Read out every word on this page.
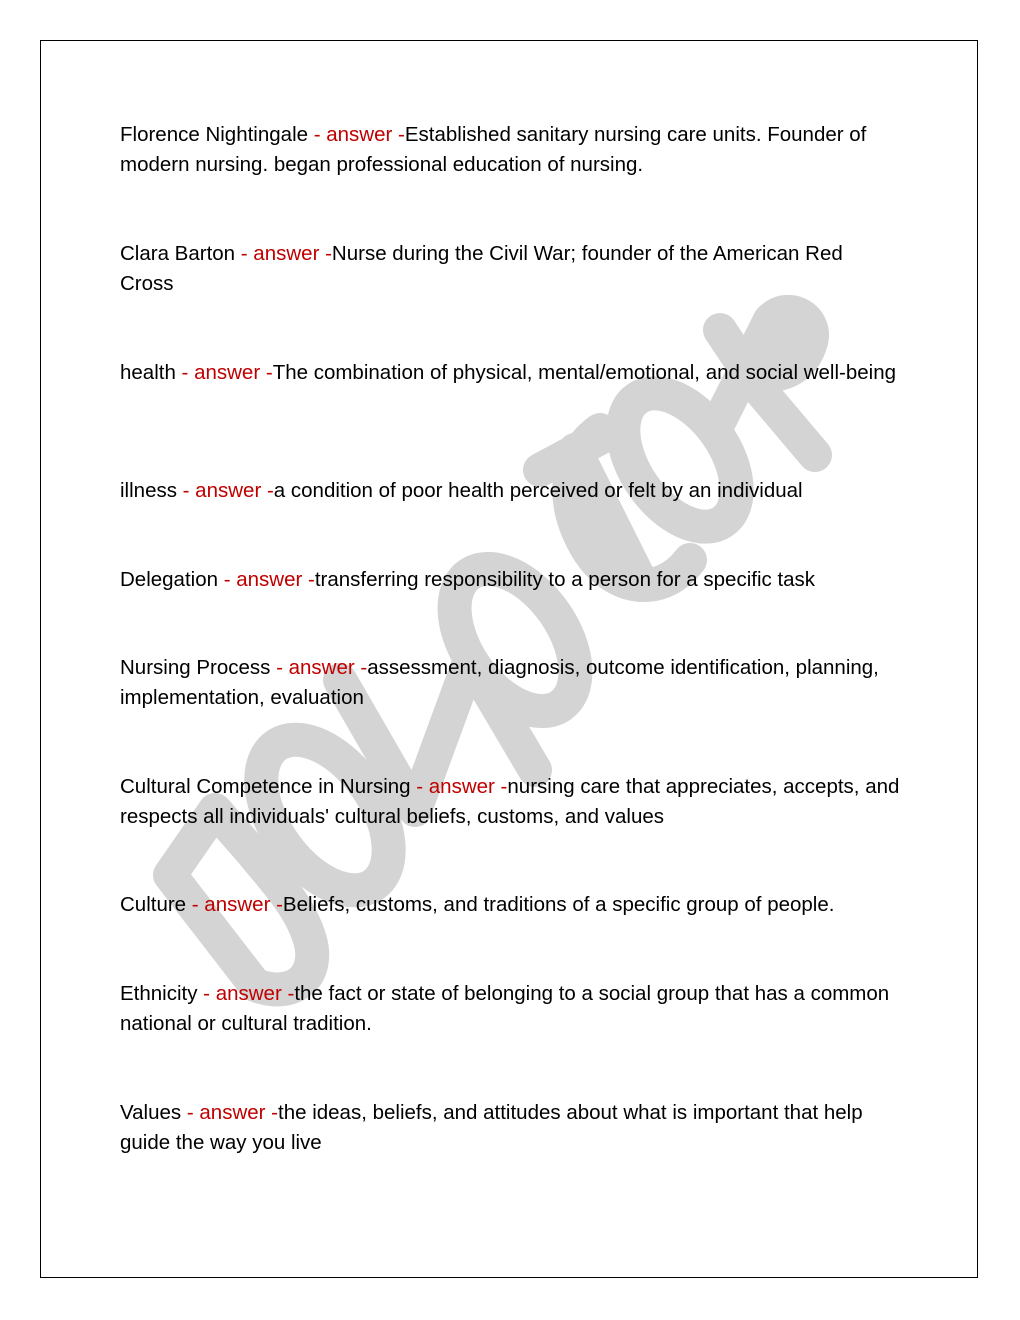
Florence Nightingale - answer -Established sanitary nursing care units. Founder of modern nursing. began professional education of nursing.
Clara Barton - answer -Nurse during the Civil War; founder of the American Red Cross
health - answer -The combination of physical, mental/emotional, and social well-being
illness - answer -a condition of poor health perceived or felt by an individual
Delegation - answer -transferring responsibility to a person for a specific task
Nursing Process - answer -assessment, diagnosis, outcome identification, planning, implementation, evaluation
Cultural Competence in Nursing - answer -nursing care that appreciates, accepts, and respects all individuals' cultural beliefs, customs, and values
Culture - answer -Beliefs, customs, and traditions of a specific group of people.
Ethnicity - answer -the fact or state of belonging to a social group that has a common national or cultural tradition.
Values - answer -the ideas, beliefs, and attitudes about what is important that help guide the way you live
